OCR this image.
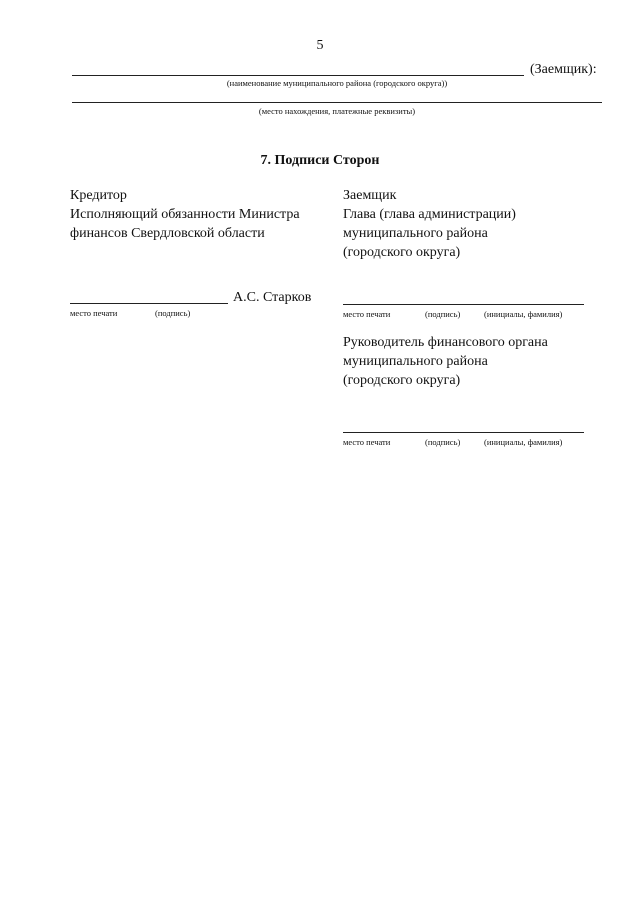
5
(Заемщик):
(наименование муниципального района (городского округа))
(место нахождения, платежные реквизиты)
7. Подписи Сторон
Кредитор
Исполняющий обязанности Министра
финансов Свердловской области
А.С. Старков
место печати	(подпись)
Заемщик
Глава (глава администрации)
муниципального района
(городского округа)
место печати	(подпись)	(инициалы, фамилия)
Руководитель финансового органа
муниципального района
(городского округа)
место печати	(подпись)	(инициалы, фамилия)
